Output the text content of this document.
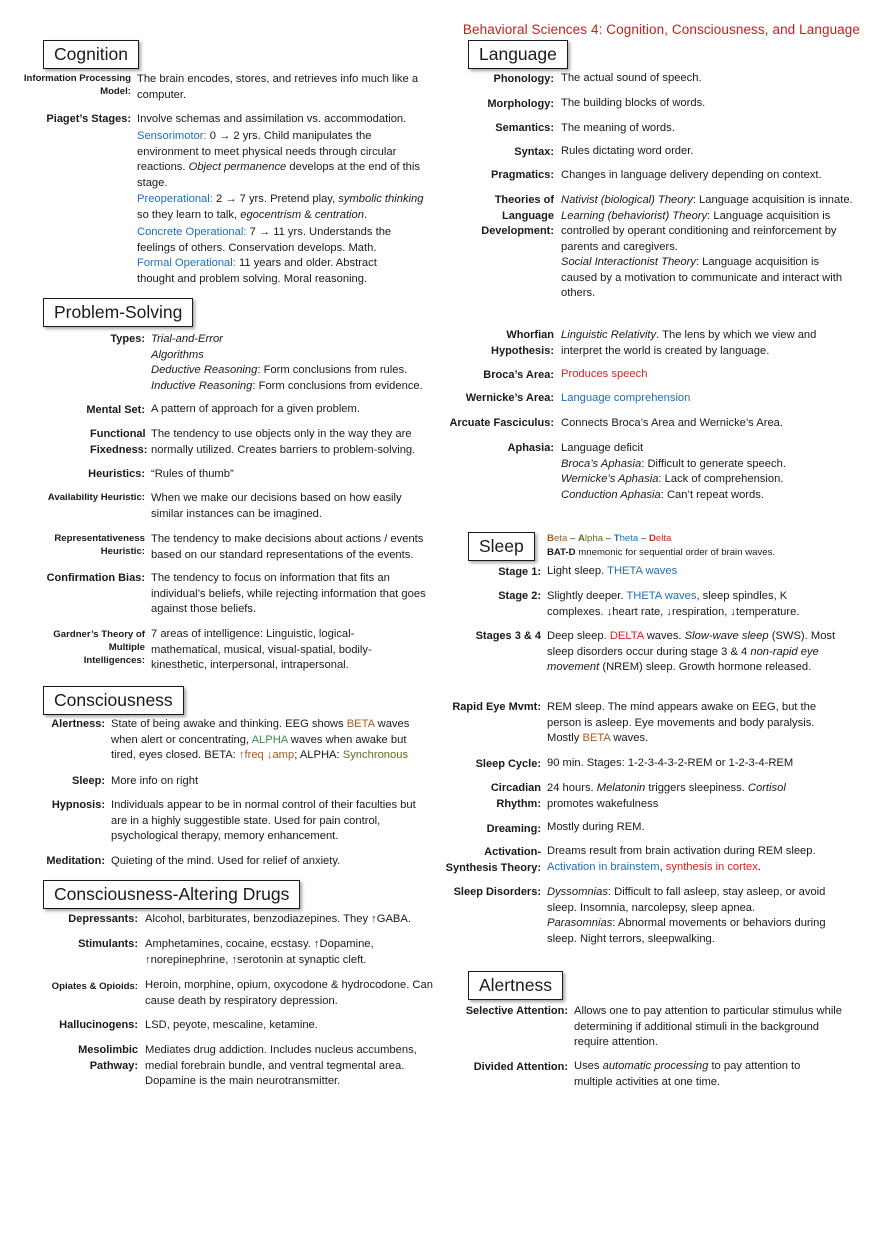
Behavioral Sciences 4: Cognition, Consciousness, and Language
Cognition
Information Processing Model:
The brain encodes, stores, and retrieves info much like a computer.
Piaget’s Stages: Involve schemas and assimilation vs. accommodation.
Sensorimotor: 0 → 2 yrs. Child manipulates the environment to meet physical needs through circular reactions. Object permanence develops at the end of this stage.
Preoperational: 2 → 7 yrs. Pretend play, symbolic thinking so they learn to talk, egocentrism & centration.
Concrete Operational: 7 → 11 yrs. Understands the feelings of others. Conservation develops. Math.
Formal Operational: 11 years and older. Abstract thought and problem solving. Moral reasoning.
Problem-Solving
Types: Trial-and-Error
Algorithms
Deductive Reasoning: Form conclusions from rules.
Inductive Reasoning: Form conclusions from evidence.
Mental Set: A pattern of approach for a given problem.
Functional Fixedness:
The tendency to use objects only in the way they are normally utilized. Creates barriers to problem-solving.
Heuristics: “Rules of thumb”
Availability Heuristic: When we make our decisions based on how easily similar instances can be imagined.
Representativeness Heuristic:
The tendency to make decisions about actions / events based on our standard representations of the events.
Confirmation Bias: The tendency to focus on information that fits an individual’s beliefs, while rejecting information that goes against those beliefs.
Gardner’s Theory of Multiple Intelligences:
7 areas of intelligence: Linguistic, logical-mathematical, musical, visual-spatial, bodily-kinesthetic, interpersonal, intrapersonal.
Consciousness
Alertness: State of being awake and thinking. EEG shows BETA waves when alert or concentrating, ALPHA waves when awake but tired, eyes closed. BETA: ↑freq ↓amp; ALPHA: Synchronous
Sleep: More info on right
Hypnosis: Individuals appear to be in normal control of their faculties but are in a highly suggestible state. Used for pain control, psychological therapy, memory enhancement.
Meditation: Quieting of the mind. Used for relief of anxiety.
Consciousness-Altering Drugs
Depressants: Alcohol, barbiturates, benzodiazepines. They ↑GABA.
Stimulants: Amphetamines, cocaine, ecstasy. ↑Dopamine, ↑norepinephrine, ↑serotonin at synaptic cleft.
Opiates & Opioids: Heroin, morphine, opium, oxycodone & hydrocodone. Can cause death by respiratory depression.
Hallucinogens: LSD, peyote, mescaline, ketamine.
Mesolimbic Pathway:
Mediates drug addiction. Includes nucleus accumbens, medial forebrain bundle, and ventral tegmental area. Dopamine is the main neurotransmitter.
Language
Phonology: The actual sound of speech.
Morphology: The building blocks of words.
Semantics: The meaning of words.
Syntax: Rules dictating word order.
Pragmatics: Changes in language delivery depending on context.
Theories of Language Development:
Nativist (biological) Theory: Language acquisition is innate.
Learning (behaviorist) Theory: Language acquisition is controlled by operant conditioning and reinforcement by parents and caregivers.
Social Interactionist Theory: Language acquisition is caused by a motivation to communicate and interact with others.
Whorfian Hypothesis:
Linguistic Relativity. The lens by which we view and interpret the world is created by language.
Broca’s Area: Produces speech
Wernicke’s Area: Language comprehension
Arcuate Fasciculus: Connects Broca’s Area and Wernicke’s Area.
Aphasia: Language deficit
Broca’s Aphasia: Difficult to generate speech.
Wernicke’s Aphasia: Lack of comprehension.
Conduction Aphasia: Can’t repeat words.
Sleep	Beta – Alpha – Theta – Delta
BAT-D mnemonic for sequential order of brain waves.
Stage 1: Light sleep. THETA waves
Stage 2: Slightly deeper. THETA waves, sleep spindles, K complexes. ↓heart rate, ↓respiration, ↓temperature.
Stages 3 & 4 Deep sleep. DELTA waves. Slow-wave sleep (SWS). Most sleep disorders occur during stage 3 & 4 non-rapid eye movement (NREM) sleep. Growth hormone released.
Rapid Eye Mvmt: REM sleep. The mind appears awake on EEG, but the person is asleep. Eye movements and body paralysis. Mostly BETA waves.
Sleep Cycle: 90 min. Stages: 1-2-3-4-3-2-REM or 1-2-3-4-REM
Circadian Rhythm:
24 hours. Melatonin triggers sleepiness. Cortisol promotes wakefulness
Dreaming: Mostly during REM.
Activation-Synthesis Theory:
Dreams result from brain activation during REM sleep. Activation in brainstem, synthesis in cortex.
Sleep Disorders: Dyssomnias: Difficult to fall asleep, stay asleep, or avoid sleep. Insomnia, narcolepsy, sleep apnea.
Parasomnias: Abnormal movements or behaviors during sleep. Night terrors, sleepwalking.
Alertness
Selective Attention: Allows one to pay attention to particular stimulus while determining if additional stimuli in the background require attention.
Divided Attention: Uses automatic processing to pay attention to multiple activities at one time.
